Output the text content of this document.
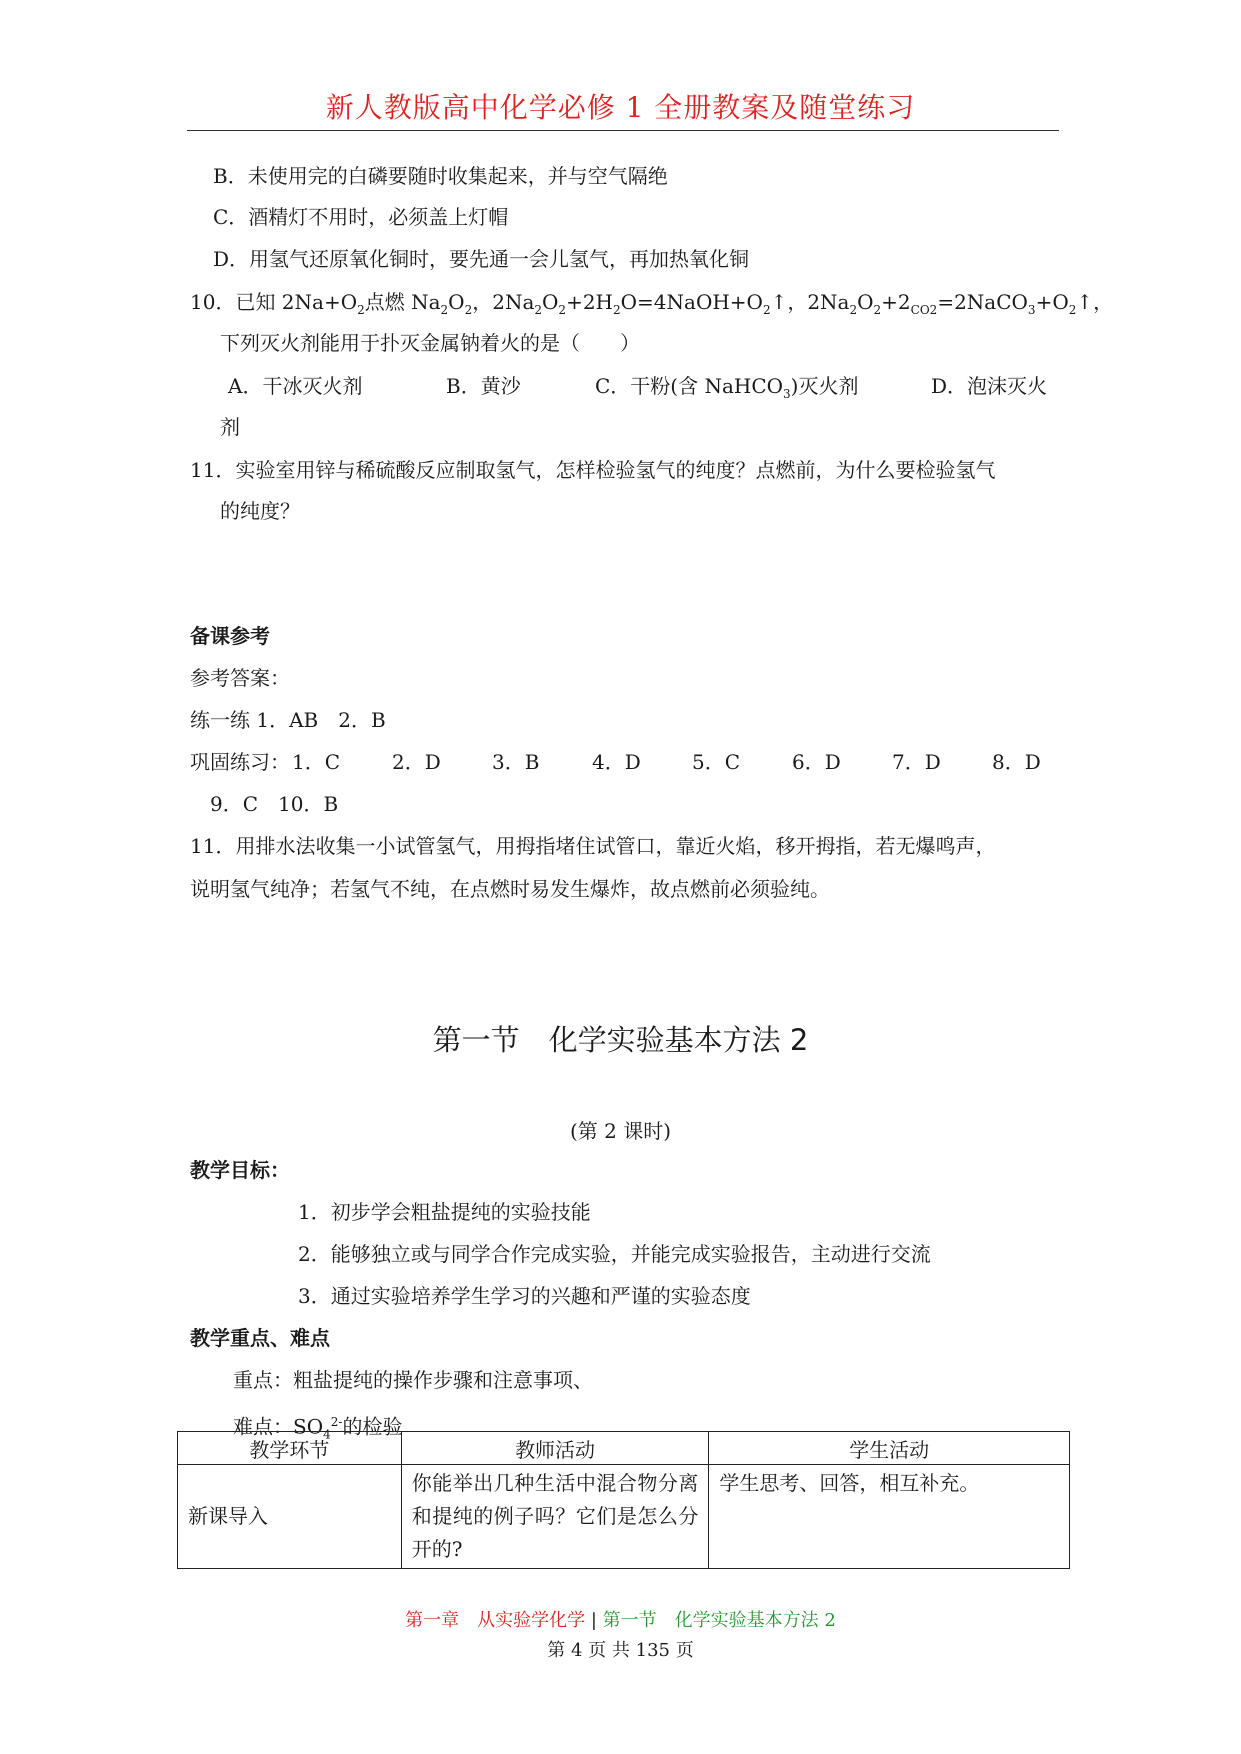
新人教版高中化学必修 1 全册教案及随堂练习
B．未使用完的白磷要随时收集起来，并与空气隔绝
C．酒精灯不用时，必须盖上灯帽
D．用氢气还原氧化铜时，要先通一会儿氢气，再加热氧化铜
10．已知 $2Na+O_2$点燃 $Na_2O_2$，$2Na_2O_2+2H_2O=4NaOH+O_2↑$，$2Na_2O_2+2_{CO2}=2NaCO_3+O_2↑$，
下列灭火剂能用于扑灭金属钠着火的是（　　）
A．干冰灭火剂	B．黄沙	C．干粉(含 NaHCO$_3$)灭火剂	D．泡沫灭火
剂
11．实验室用锌与稀硫酸反应制取氢气，怎样检验氢气的纯度？点燃前，为什么要检验氢气
的纯度？
备课参考
参考答案：
练一练 1．AB　2．B
巩固练习： 1．C	2．D	3．B	4．D	5．C	6．D	7．D	8．D
9．C　10．B
11．用排水法收集一小试管氢气，用拇指堵住试管口，靠近火焰，移开拇指，若无爆鸣声，
说明氢气纯净；若氢气不纯，在点燃时易发生爆炸，故点燃前必须验纯。
第一节　化学实验基本方法 2
(第 2 课时)
教学目标：
1．初步学会粗盐提纯的实验技能
2．能够独立或与同学合作完成实验，并能完成实验报告，主动进行交流
3．通过实验培养学生学习的兴趣和严谨的实验态度
教学重点、难点
重点：粗盐提纯的操作步骤和注意事项、
难点：$SO_4^{2-}$的检验
教学环节	教师活动	学生活动
新课导入	你能举出几种生活中混合物分离和提纯的例子吗？它们是怎么分开的?	学生思考、回答，相互补充。
第一章　从实验学化学 | 第一节　化学实验基本方法 2
第 4 页 共 135 页
